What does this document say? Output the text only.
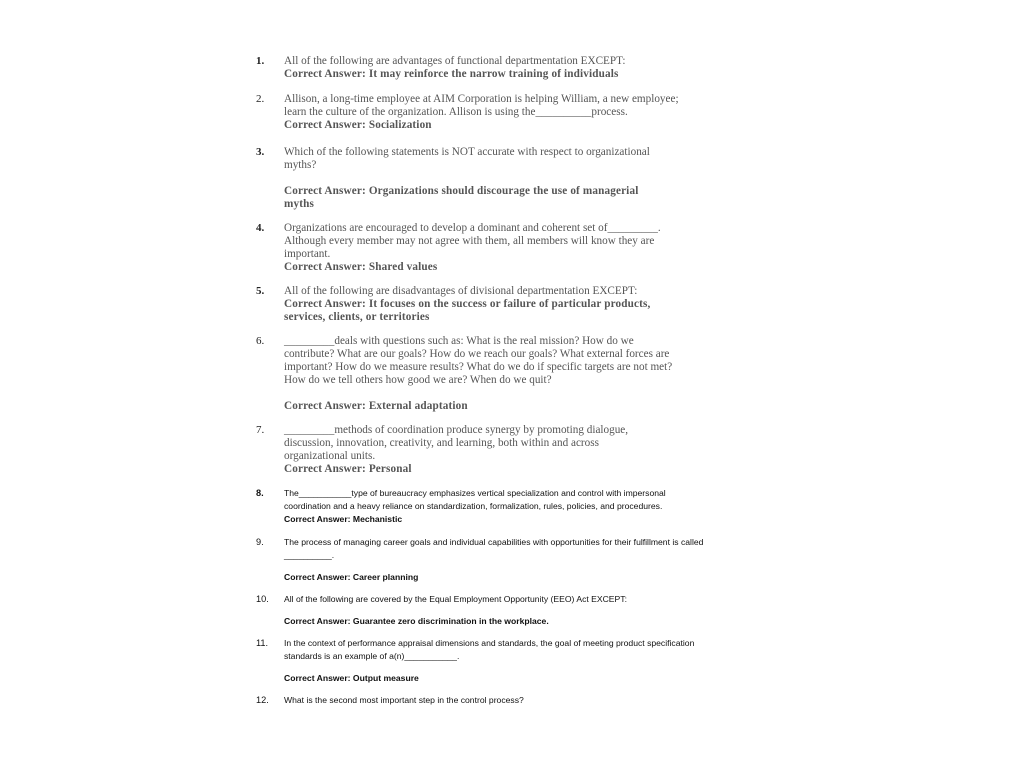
1.	All of the following are advantages of functional departmentation EXCEPT:
Correct Answer: It may reinforce the narrow training of individuals
2.	Allison, a long-time employee at AIM Corporation is helping William, a new employee;
learn the culture of the organization. Allison is using the__________process.
Correct Answer: Socialization
3.	Which of the following statements is NOT accurate with respect to organizational
myths?
Correct Answer: Organizations should discourage the use of managerial
myths
4.	Organizations are encouraged to develop a dominant and coherent set of_________.
Although every member may not agree with them, all members will know they are
important.
Correct Answer: Shared values
5.	All of the following are disadvantages of divisional departmentation EXCEPT:
Correct Answer: It focuses on the success or failure of particular products,
services, clients, or territories
6.	_________deals with questions such as: What is the real mission? How do we
contribute? What are our goals? How do we reach our goals? What external forces are
important? How do we measure results? What do we do if specific targets are not met?
How do we tell others how good we are? When do we quit?
Correct Answer: External adaptation
7.	_________methods of coordination produce synergy by promoting dialogue,
discussion, innovation, creativity, and learning, both within and across
organizational units.
Correct Answer: Personal
8.	The___________type of bureaucracy emphasizes vertical specialization and control with impersonal
coordination and a heavy reliance on standardization, formalization, rules, policies, and procedures.
Correct Answer: Mechanistic
9.	The process of managing career goals and individual capabilities with opportunities for their fulfillment is called
__________.
Correct Answer: Career planning
10.	All of the following are covered by the Equal Employment Opportunity (EEO) Act EXCEPT:
Correct Answer: Guarantee zero discrimination in the workplace.
11.	In the context of performance appraisal dimensions and standards, the goal of meeting product specification
standards is an example of a(n)___________.
Correct Answer: Output measure
12.	What is the second most important step in the control process?
